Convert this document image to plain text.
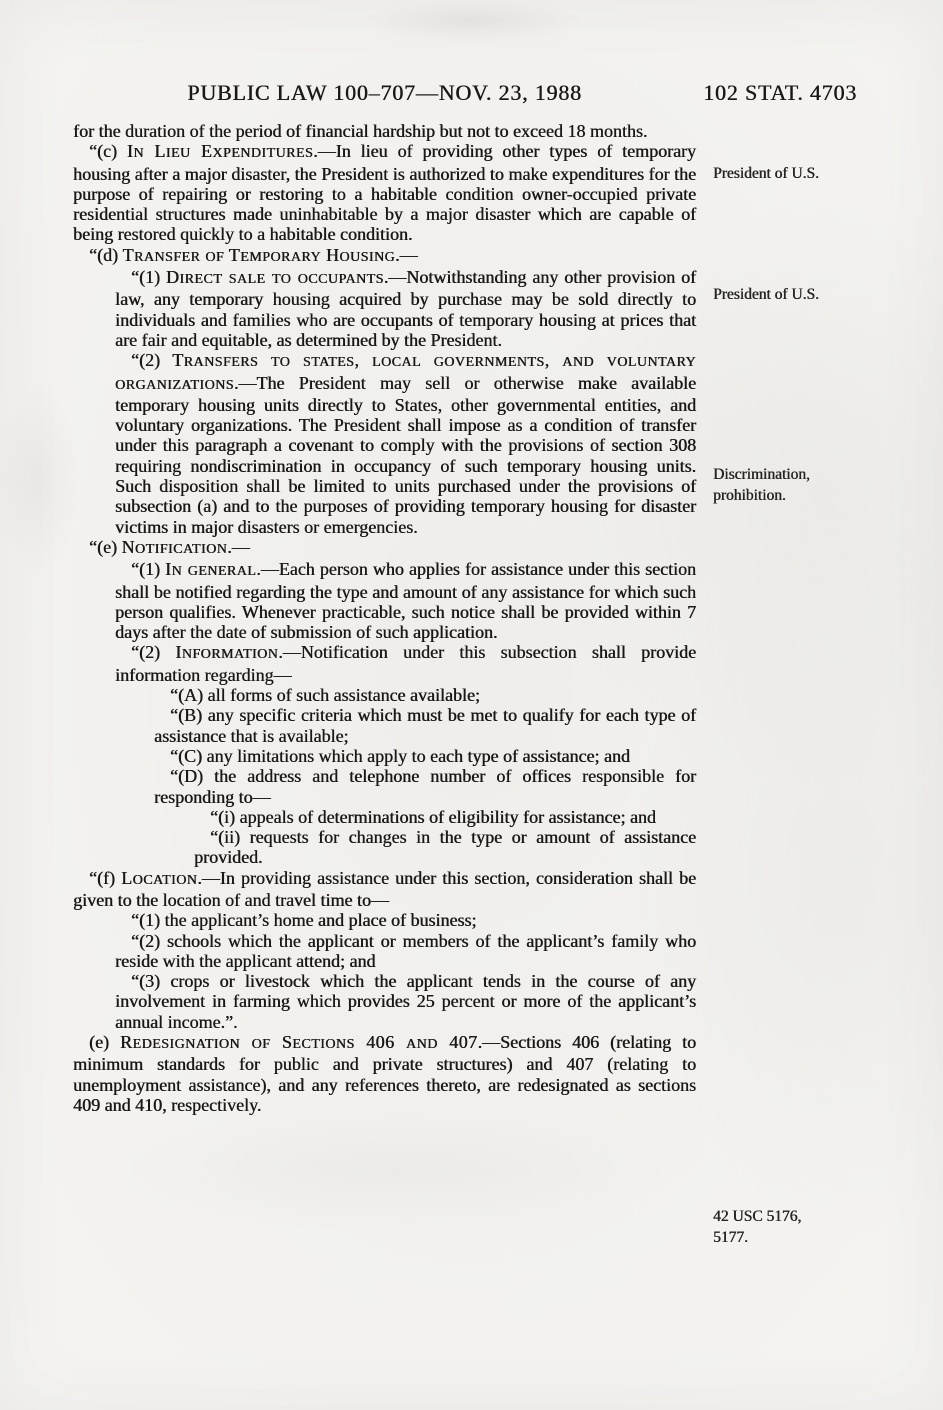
PUBLIC LAW 100–707—NOV. 23, 1988	102 STAT. 4703

for the duration of the period of financial hardship but not to exceed 18 months.

“(c) IN LIEU EXPENDITURES.—In lieu of providing other types of temporary housing after a major disaster, the President is authorized to make expenditures for the purpose of repairing or restoring to a habitable condition owner-occupied private residential structures made uninhabitable by a major disaster which are capable of being restored quickly to a habitable condition.

“(d) TRANSFER OF TEMPORARY HOUSING.—

“(1) DIRECT SALE TO OCCUPANTS.—Notwithstanding any other provision of law, any temporary housing acquired by purchase may be sold directly to individuals and families who are occupants of temporary housing at prices that are fair and equitable, as determined by the President.

“(2) TRANSFERS TO STATES, LOCAL GOVERNMENTS, AND VOLUNTARY ORGANIZATIONS.—The President may sell or otherwise make available temporary housing units directly to States, other governmental entities, and voluntary organizations. The President shall impose as a condition of transfer under this paragraph a covenant to comply with the provisions of section 308 requiring nondiscrimination in occupancy of such temporary housing units. Such disposition shall be limited to units purchased under the provisions of subsection (a) and to the purposes of providing temporary housing for disaster victims in major disasters or emergencies.

“(e) NOTIFICATION.—

“(1) IN GENERAL.—Each person who applies for assistance under this section shall be notified regarding the type and amount of any assistance for which such person qualifies. Whenever practicable, such notice shall be provided within 7 days after the date of submission of such application.

“(2) INFORMATION.—Notification under this subsection shall provide information regarding—

“(A) all forms of such assistance available;

“(B) any specific criteria which must be met to qualify for each type of assistance that is available;

“(C) any limitations which apply to each type of assistance; and

“(D) the address and telephone number of offices responsible for responding to—

“(i) appeals of determinations of eligibility for assistance; and

“(ii) requests for changes in the type or amount of assistance provided.

“(f) LOCATION.—In providing assistance under this section, consideration shall be given to the location of and travel time to—

“(1) the applicant’s home and place of business;

“(2) schools which the applicant or members of the applicant’s family who reside with the applicant attend; and

“(3) crops or livestock which the applicant tends in the course of any involvement in farming which provides 25 percent or more of the applicant’s annual income.”.

(e) REDESIGNATION OF SECTIONS 406 AND 407.—Sections 406 (relating to minimum standards for public and private structures) and 407 (relating to unemployment assistance), and any references thereto, are redesignated as sections 409 and 410, respectively.

President of U.S.
President of U.S.
Discrimination,
prohibition.
42 USC 5176,
5177.
